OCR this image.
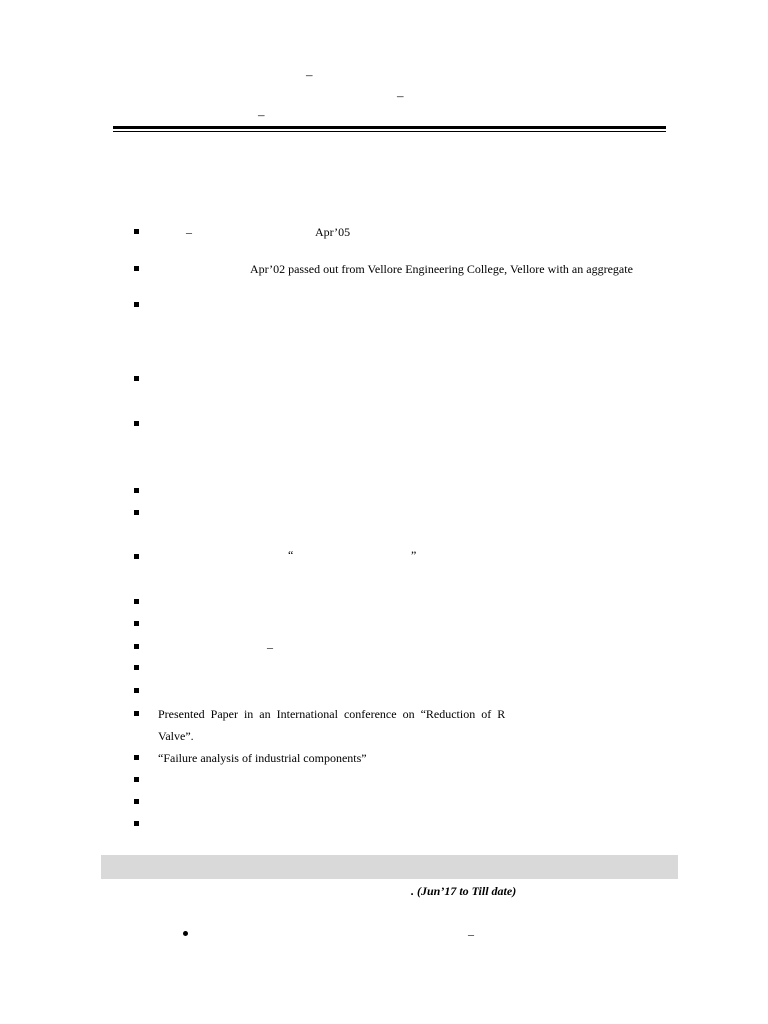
–
–
–
–	Apr’05
Apr’02 passed out from Vellore Engineering College, Vellore with an aggregate
“	”
–
Presented Paper in an International conference on “Reduction of R
Valve”.
“Failure analysis of industrial components”
. (Jun’17 to Till date)
–
